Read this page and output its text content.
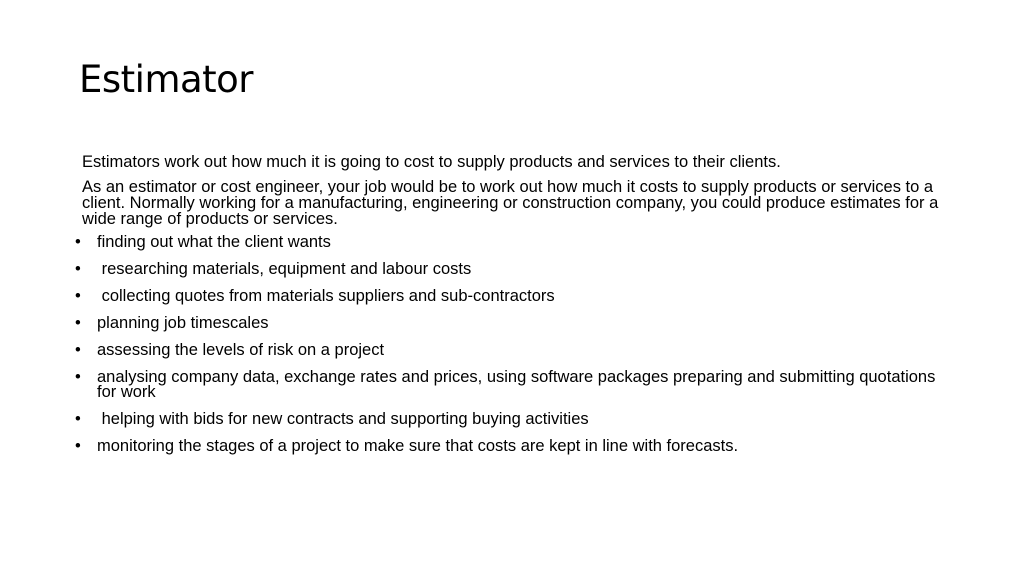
Estimator

Estimators work out how much it is going to cost to supply products and services to their clients.

As an estimator or cost engineer, your job would be to work out how much it costs to supply products or services to a client. Normally working for a manufacturing, engineering or construction company, you could produce estimates for a wide range of products or services.

• finding out what the client wants
• researching materials, equipment and labour costs
• collecting quotes from materials suppliers and sub-contractors
• planning job timescales
• assessing the levels of risk on a project
• analysing company data, exchange rates and prices, using software packages preparing and submitting quotations for work
• helping with bids for new contracts and supporting buying activities
• monitoring the stages of a project to make sure that costs are kept in line with forecasts.
